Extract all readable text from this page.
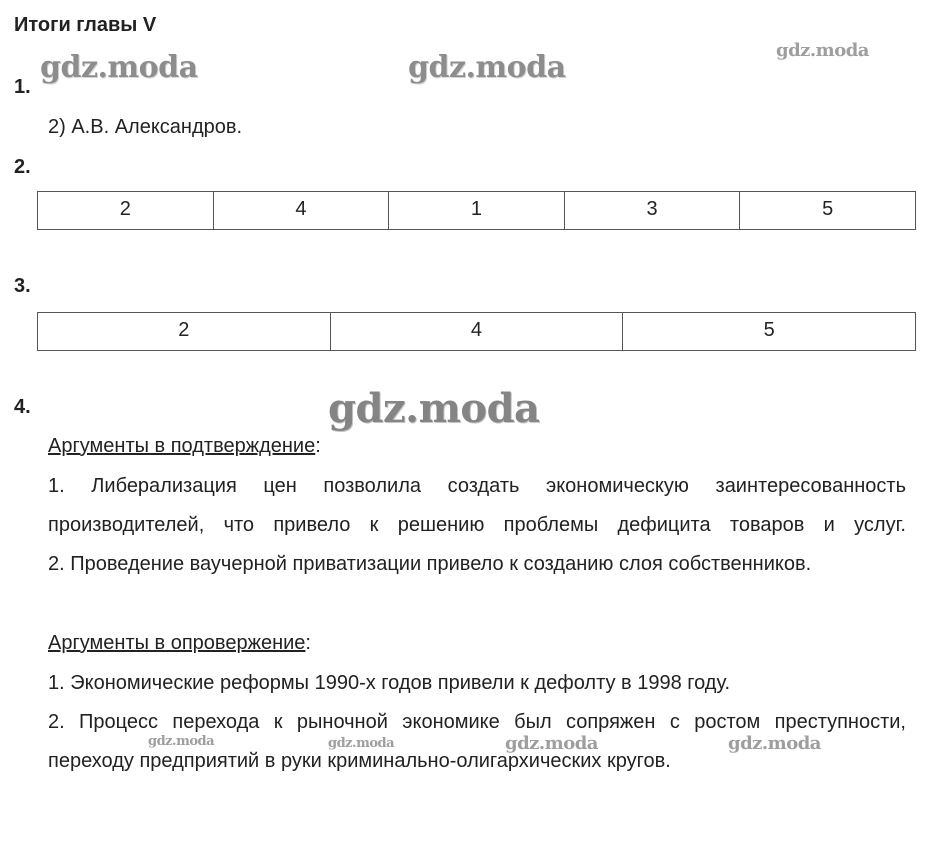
Итоги главы V
gdz.moda	gdz.moda	gdz.moda
gdz.moda
gdz.moda	gdz.moda	gdz.moda	gdz.moda
1.
2) А.В. Александров.
2.
2	4	1	3	5
3.
2	4	5
4.
Аргументы в подтверждение:
1. Либерализация цен позволила создать экономическую заинтересованность производителей, что привело к решению проблемы дефицита товаров и услуг.
2. Проведение ваучерной приватизации привело к созданию слоя собственников.
Аргументы в опровержение:
1. Экономические реформы 1990-х годов привели к дефолту в 1998 году.
2. Процесс перехода к рыночной экономике был сопряжен с ростом преступности, переходу предприятий в руки криминально-олигархических кругов.
